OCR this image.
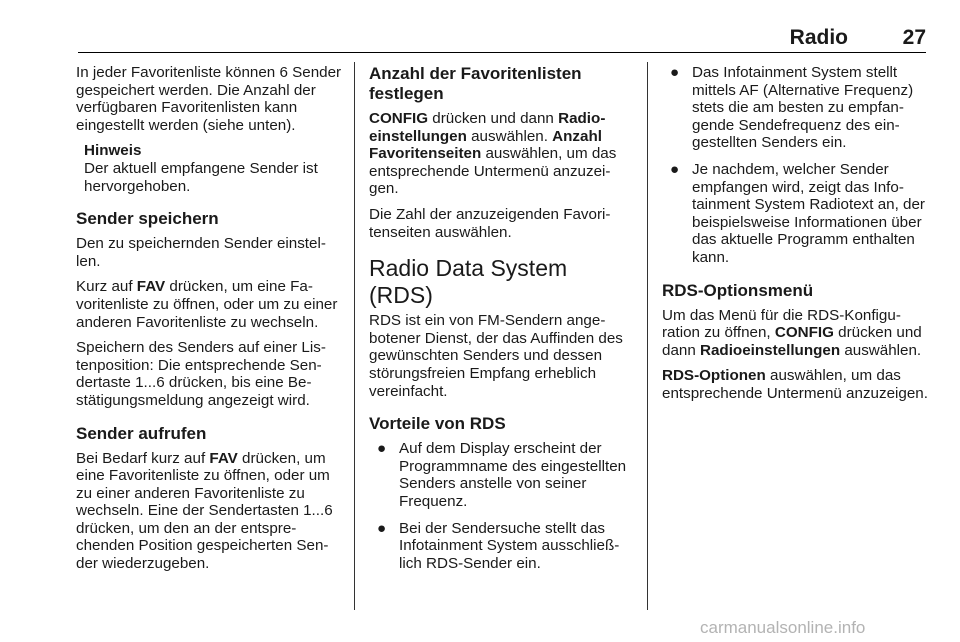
Radio	27

In jeder Favoritenliste können 6 Sender gespeichert werden. Die Anzahl der verfügbaren Favoritenlisten kann eingestellt werden (siehe unten).

Hinweis
Der aktuell empfangene Sender ist hervorgehoben.
Sender speichern

Den zu speichernden Sender einstellen.

Kurz auf FAV drücken, um eine Favoritenliste zu öffnen, oder um zu einer anderen Favoritenliste zu wechseln.

Speichern des Senders auf einer Listenposition: Die entsprechende Sendertaste 1...6 drücken, bis eine Bestätigungsmeldung angezeigt wird.

Sender aufrufen

Bei Bedarf kurz auf FAV drücken, um eine Favoritenliste zu öffnen, oder um zu einer anderen Favoritenliste zu wechseln. Eine der Sendertasten 1...6 drücken, um den an der entsprechenden Position gespeicherten Sender wiederzugeben.

Anzahl der Favoritenlisten festlegen

CONFIG drücken und dann Radioeinstellungen auswählen. Anzahl Favoritenseiten auswählen, um das entsprechende Untermenü anzuzeigen.

Die Zahl der anzuzeigenden Favoritenseiten auswählen.

Radio Data System (RDS)

RDS ist ein von FM-Sendern angebotener Dienst, der das Auffinden des gewünschten Senders und dessen störungsfreien Empfang erheblich vereinfacht.

Vorteile von RDS
● Auf dem Display erscheint der Programmname des eingestellten Senders anstelle von seiner Frequenz.
● Bei der Sendersuche stellt das Infotainment System ausschließlich RDS-Sender ein.
● Das Infotainment System stellt mittels AF (Alternative Frequenz) stets die am besten zu empfangende Sendefrequenz des eingestellten Senders ein.
● Je nachdem, welcher Sender empfangen wird, zeigt das Infotainment System Radiotext an, der beispielsweise Informationen über das aktuelle Programm enthalten kann.
RDS-Optionsmenü

Um das Menü für die RDS-Konfiguration zu öffnen, CONFIG drücken und dann Radioeinstellungen auswählen.

RDS-Optionen auswählen, um das entsprechende Untermenü anzuzeigen.

carmanualsonline.info
